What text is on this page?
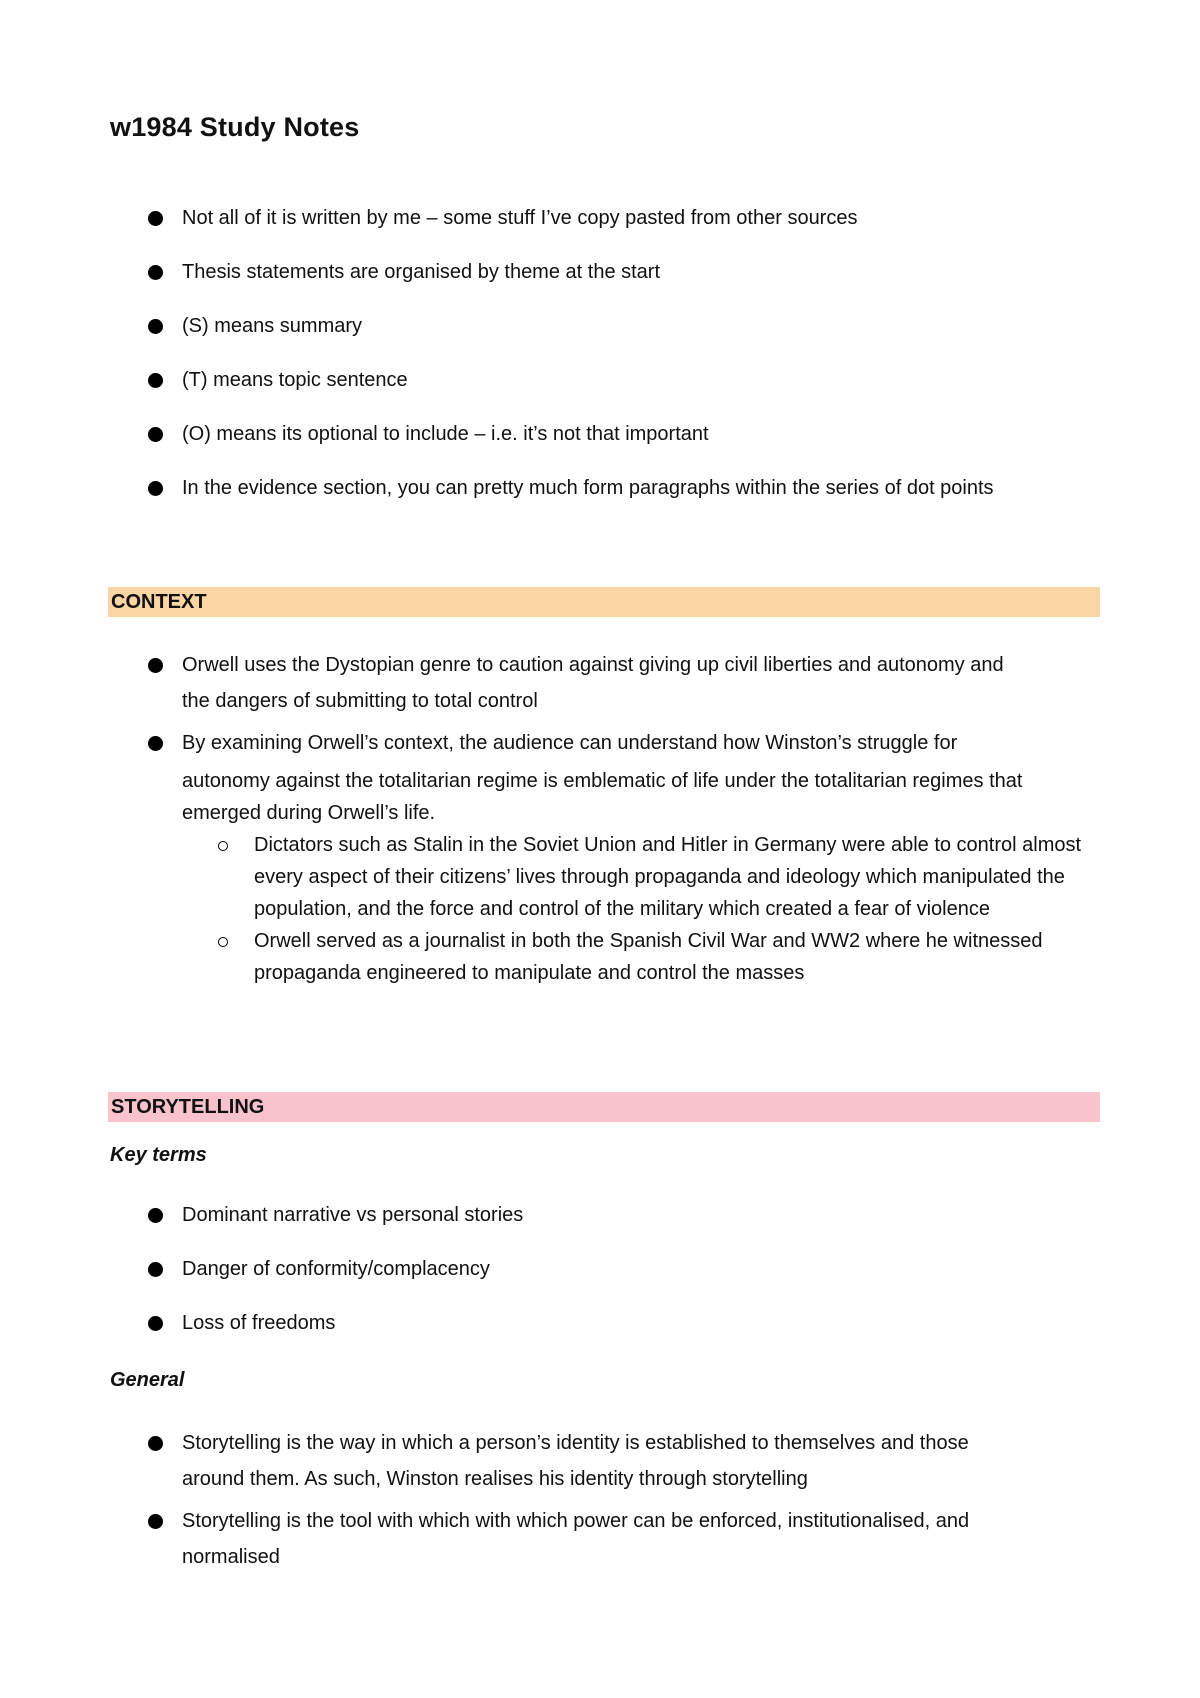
w1984 Study Notes
Not all of it is written by me – some stuff I’ve copy pasted from other sources
Thesis statements are organised by theme at the start
(S) means summary
(T) means topic sentence
(O) means its optional to include – i.e. it’s not that important
In the evidence section, you can pretty much form paragraphs within the series of dot points
CONTEXT
Orwell uses the Dystopian genre to caution against giving up civil liberties and autonomy and
the dangers of submitting to total control
By examining Orwell’s context, the audience can understand how Winston’s struggle for
autonomy against the totalitarian regime is emblematic of life under the totalitarian regimes that emerged during Orwell’s life.
Dictators such as Stalin in the Soviet Union and Hitler in Germany were able to control almost every aspect of their citizens’ lives through propaganda and ideology which manipulated the population, and the force and control of the military which created a fear of violence
Orwell served as a journalist in both the Spanish Civil War and WW2 where he witnessed propaganda engineered to manipulate and control the masses
STORYTELLING
Key terms
Dominant narrative vs personal stories
Danger of conformity/complacency
Loss of freedoms
General
Storytelling is the way in which a person’s identity is established to themselves and those
around them. As such, Winston realises his identity through storytelling
Storytelling is the tool with which with which power can be enforced, institutionalised, and
normalised
